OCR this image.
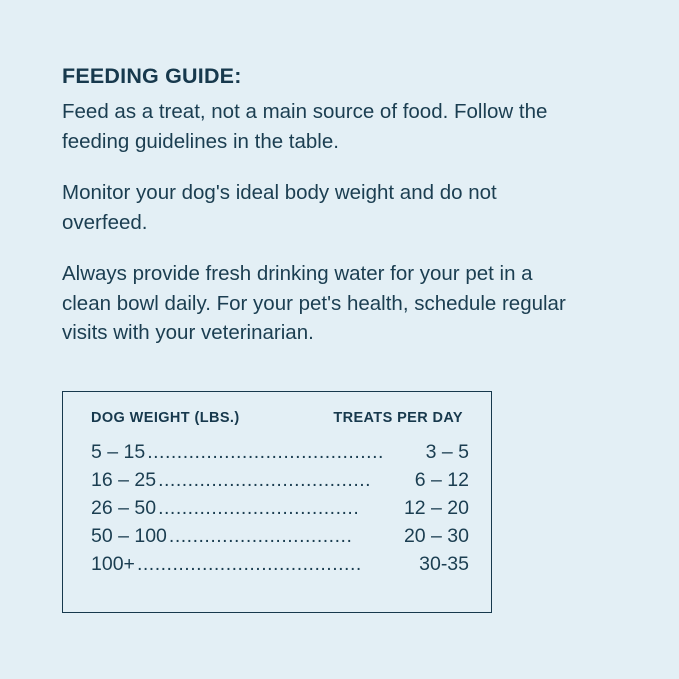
FEEDING GUIDE:

Feed as a treat, not a main source of food. Follow the feeding guidelines in the table.

Monitor your dog's ideal body weight and do not overfeed.

Always provide fresh drinking water for your pet in a clean bowl daily. For your pet's health, schedule regular visits with your veterinarian.

DOG WEIGHT (LBS.)	TREATS PER DAY
5 – 15 ........................................	3 – 5
16 – 25 ....................................	6 – 12
26 – 50 ..................................	12 – 20
50 – 100 ...............................	20 – 30
100+ ......................................	30-35
